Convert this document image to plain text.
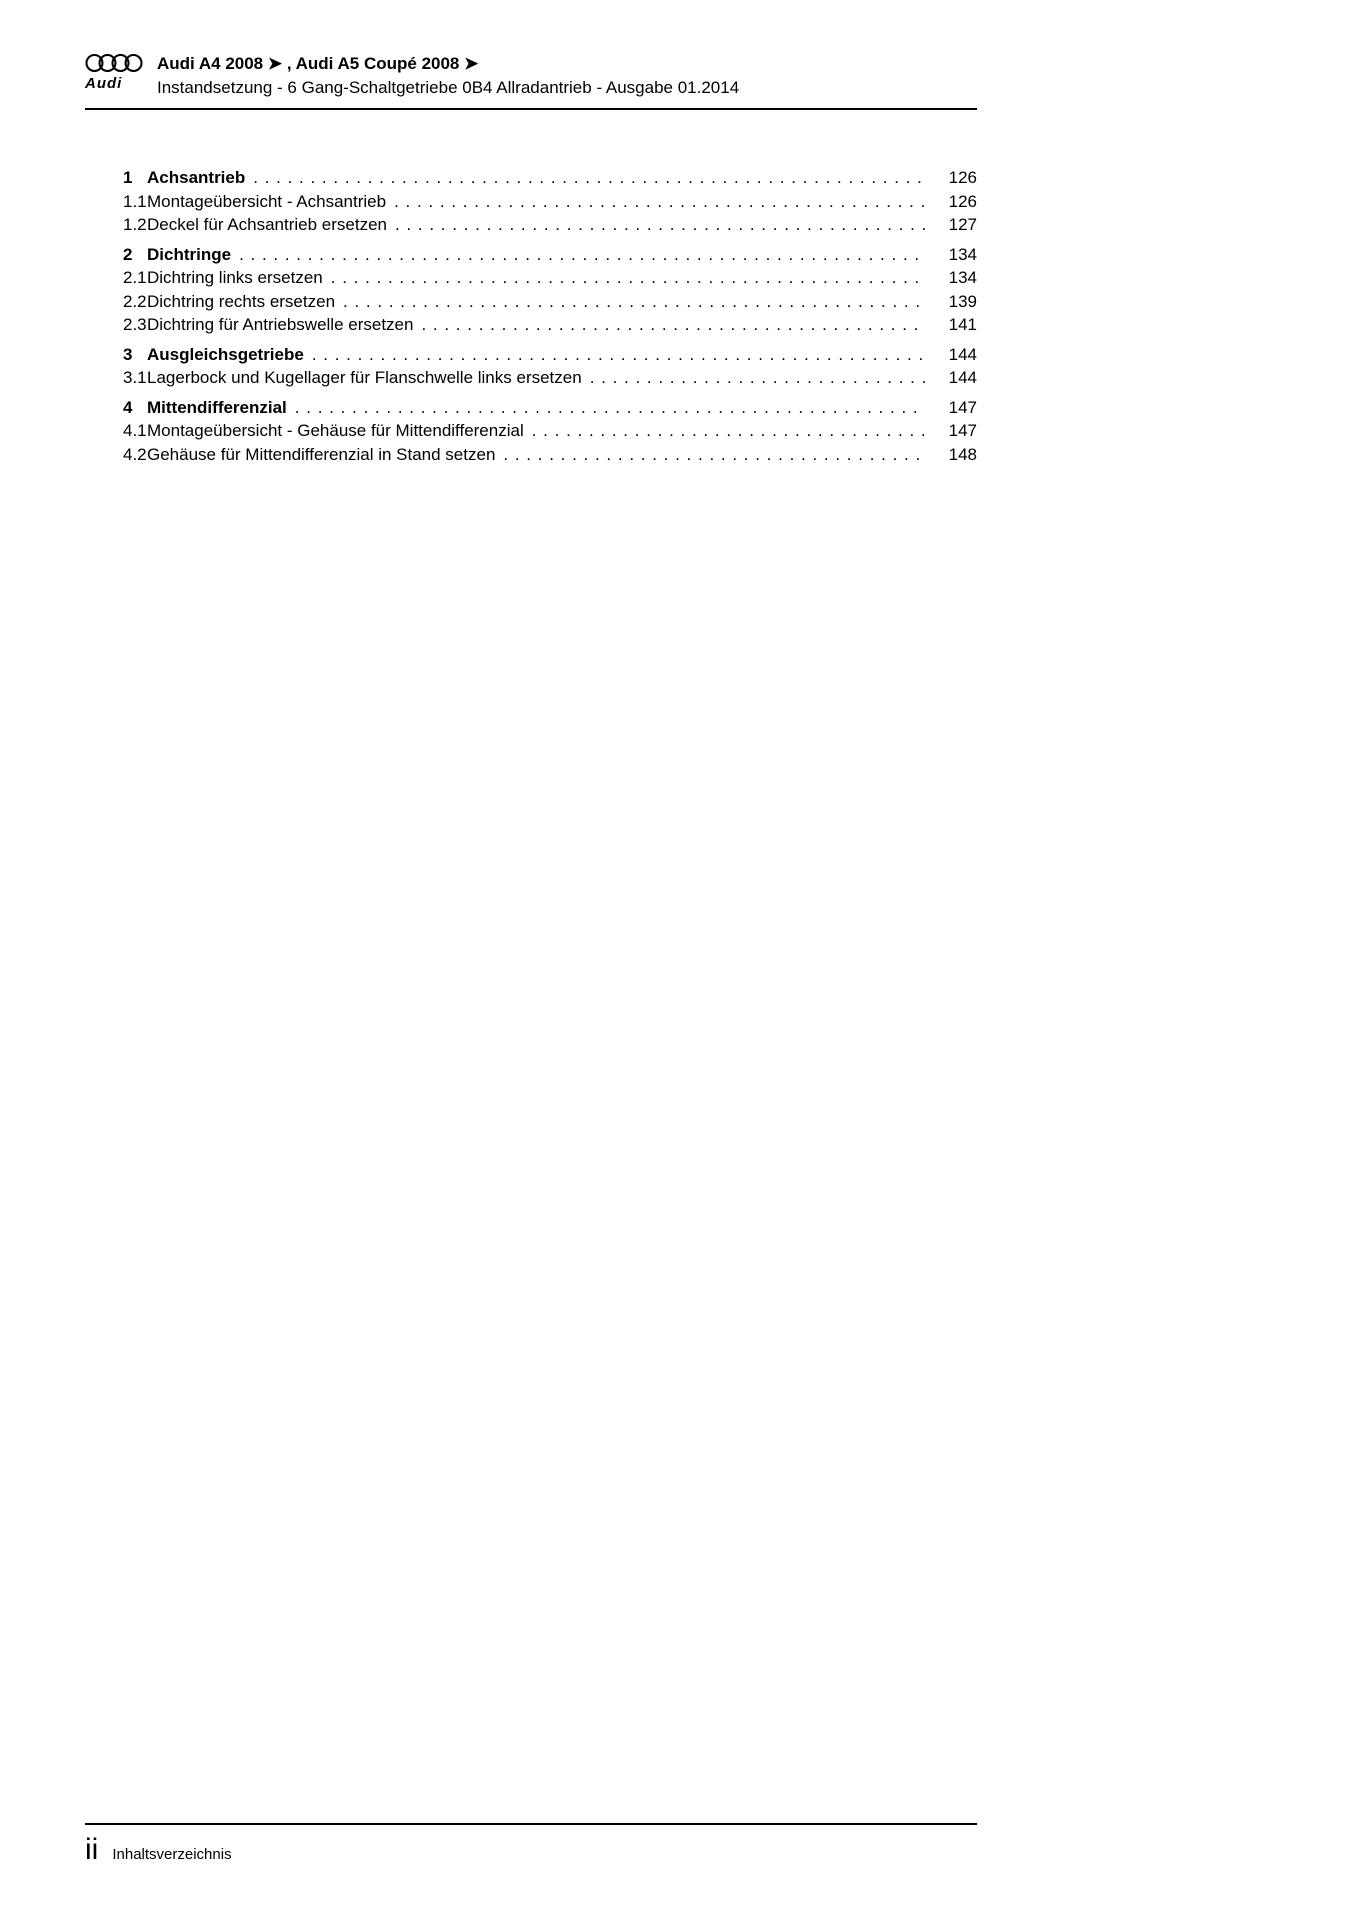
Audi
Audi A4 2008 ➤ , Audi A5 Coupé 2008 ➤
Instandsetzung - 6 Gang-Schaltgetriebe 0B4 Allradantrieb - Ausgabe 01.2014
1 Achsantrieb . . .	126
1.1 Montageübersicht - Achsantrieb . . .	126
1.2 Deckel für Achsantrieb ersetzen . . .	127
2 Dichtringe . . .	134
2.1 Dichtring links ersetzen . . .	134
2.2 Dichtring rechts ersetzen . . .	139
2.3 Dichtring für Antriebswelle ersetzen . . .	141
3 Ausgleichsgetriebe . . .	144
3.1 Lagerbock und Kugellager für Flanschwelle links ersetzen . . .	144
4 Mittendifferenzial . . .	147
4.1 Montageübersicht - Gehäuse für Mittendifferenzial . . .	147
4.2 Gehäuse für Mittendifferenzial in Stand setzen . . .	148
ii Inhaltsverzeichnis
